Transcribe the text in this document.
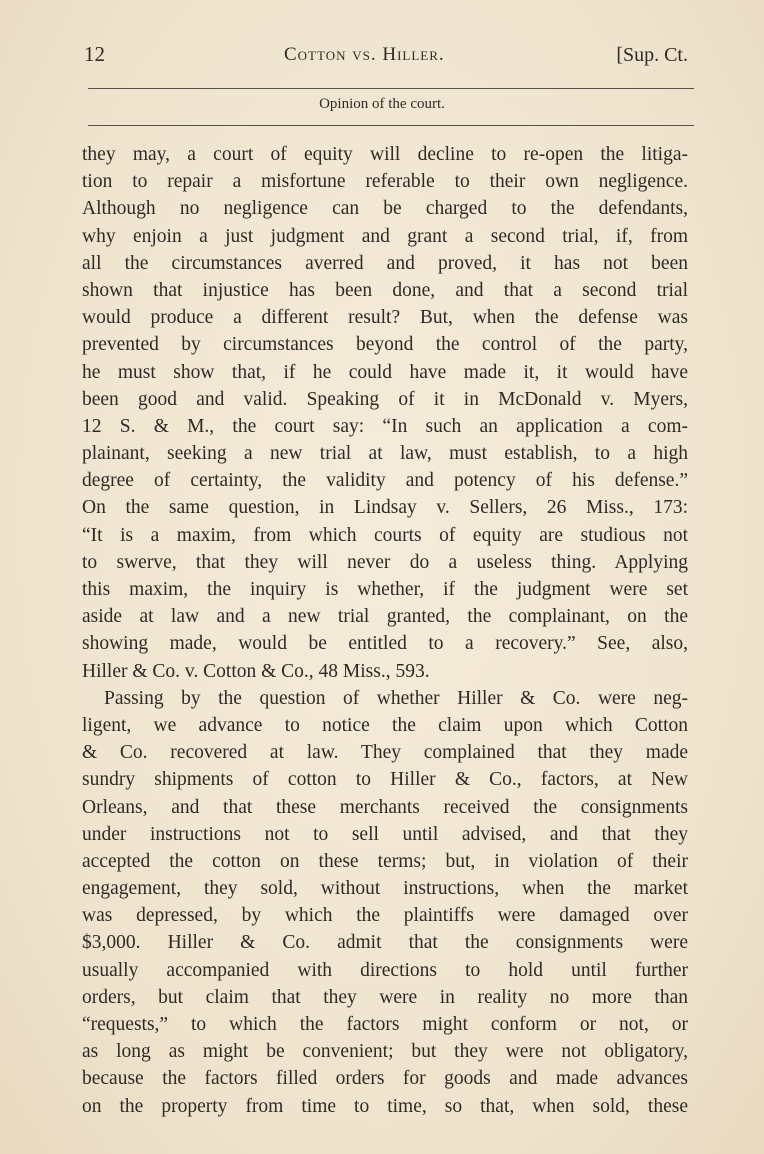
12	Cotton vs. Hiller.	[Sup. Ct.
Opinion of the court.
they may, a court of equity will decline to re-open the litiga-
tion to repair a misfortune referable to their own negligence.
Although no negligence can be charged to the defendants,
why enjoin a just judgment and grant a second trial, if, from
all the circumstances averred and proved, it has not been
shown that injustice has been done, and that a second trial
would produce a different result? But, when the defense was
prevented by circumstances beyond the control of the party,
he must show that, if he could have made it, it would have
been good and valid. Speaking of it in McDonald v. Myers,
12 S. & M., the court say: “In such an application a com-
plainant, seeking a new trial at law, must establish, to a high
degree of certainty, the validity and potency of his defense.”
On the same question, in Lindsay v. Sellers, 26 Miss., 173:
“It is a maxim, from which courts of equity are studious not
to swerve, that they will never do a useless thing. Applying
this maxim, the inquiry is whether, if the judgment were set
aside at law and a new trial granted, the complainant, on the
showing made, would be entitled to a recovery.” See, also,
Hiller & Co. v. Cotton & Co., 48 Miss., 593.
Passing by the question of whether Hiller & Co. were neg-
ligent, we advance to notice the claim upon which Cotton
& Co. recovered at law. They complained that they made
sundry shipments of cotton to Hiller & Co., factors, at New
Orleans, and that these merchants received the consignments
under instructions not to sell until advised, and that they
accepted the cotton on these terms; but, in violation of their
engagement, they sold, without instructions, when the market
was depressed, by which the plaintiffs were damaged over
$3,000. Hiller & Co. admit that the consignments were
usually accompanied with directions to hold until further
orders, but claim that they were in reality no more than
“requests,” to which the factors might conform or not, or
as long as might be convenient; but they were not obligatory,
because the factors filled orders for goods and made advances
on the property from time to time, so that, when sold, these
